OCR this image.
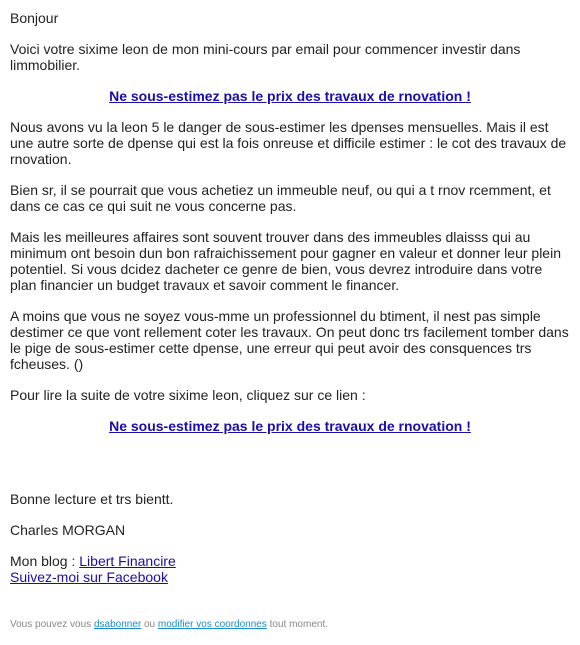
Bonjour

Voici votre sixime leon de mon mini-cours par email pour commencer investir dans limmobilier.

Ne sous-estimez pas le prix des travaux de rnovation !

Nous avons vu la leon 5 le danger de sous-estimer les dpenses mensuelles. Mais il est une autre sorte de dpense qui est la fois onreuse et difficile estimer : le cot des travaux de rnovation.

Bien sr, il se pourrait que vous achetiez un immeuble neuf, ou qui a t rnov rcemment, et dans ce cas ce qui suit ne vous concerne pas.

Mais les meilleures affaires sont souvent trouver dans des immeubles dlaisss qui au minimum ont besoin dun bon rafraichissement pour gagner en valeur et donner leur plein potentiel. Si vous dcidez dacheter ce genre de bien, vous devrez introduire dans votre plan financier un budget travaux et savoir comment le financer.

A moins que vous ne soyez vous-mme un professionnel du btiment, il nest pas simple destimer ce que vont rellement coter les travaux. On peut donc trs facilement tomber dans le pige de sous-estimer cette dpense, une erreur qui peut avoir des consquences trs fcheuses. ()

Pour lire la suite de votre sixime leon, cliquez sur ce lien :

Ne sous-estimez pas le prix des travaux de rnovation !

Bonne lecture et trs bientt.

Charles MORGAN

Mon blog : Libert Financire
Suivez-moi sur Facebook

Vous pouvez vous dsabonner ou modifier vos coordonnes tout moment.
